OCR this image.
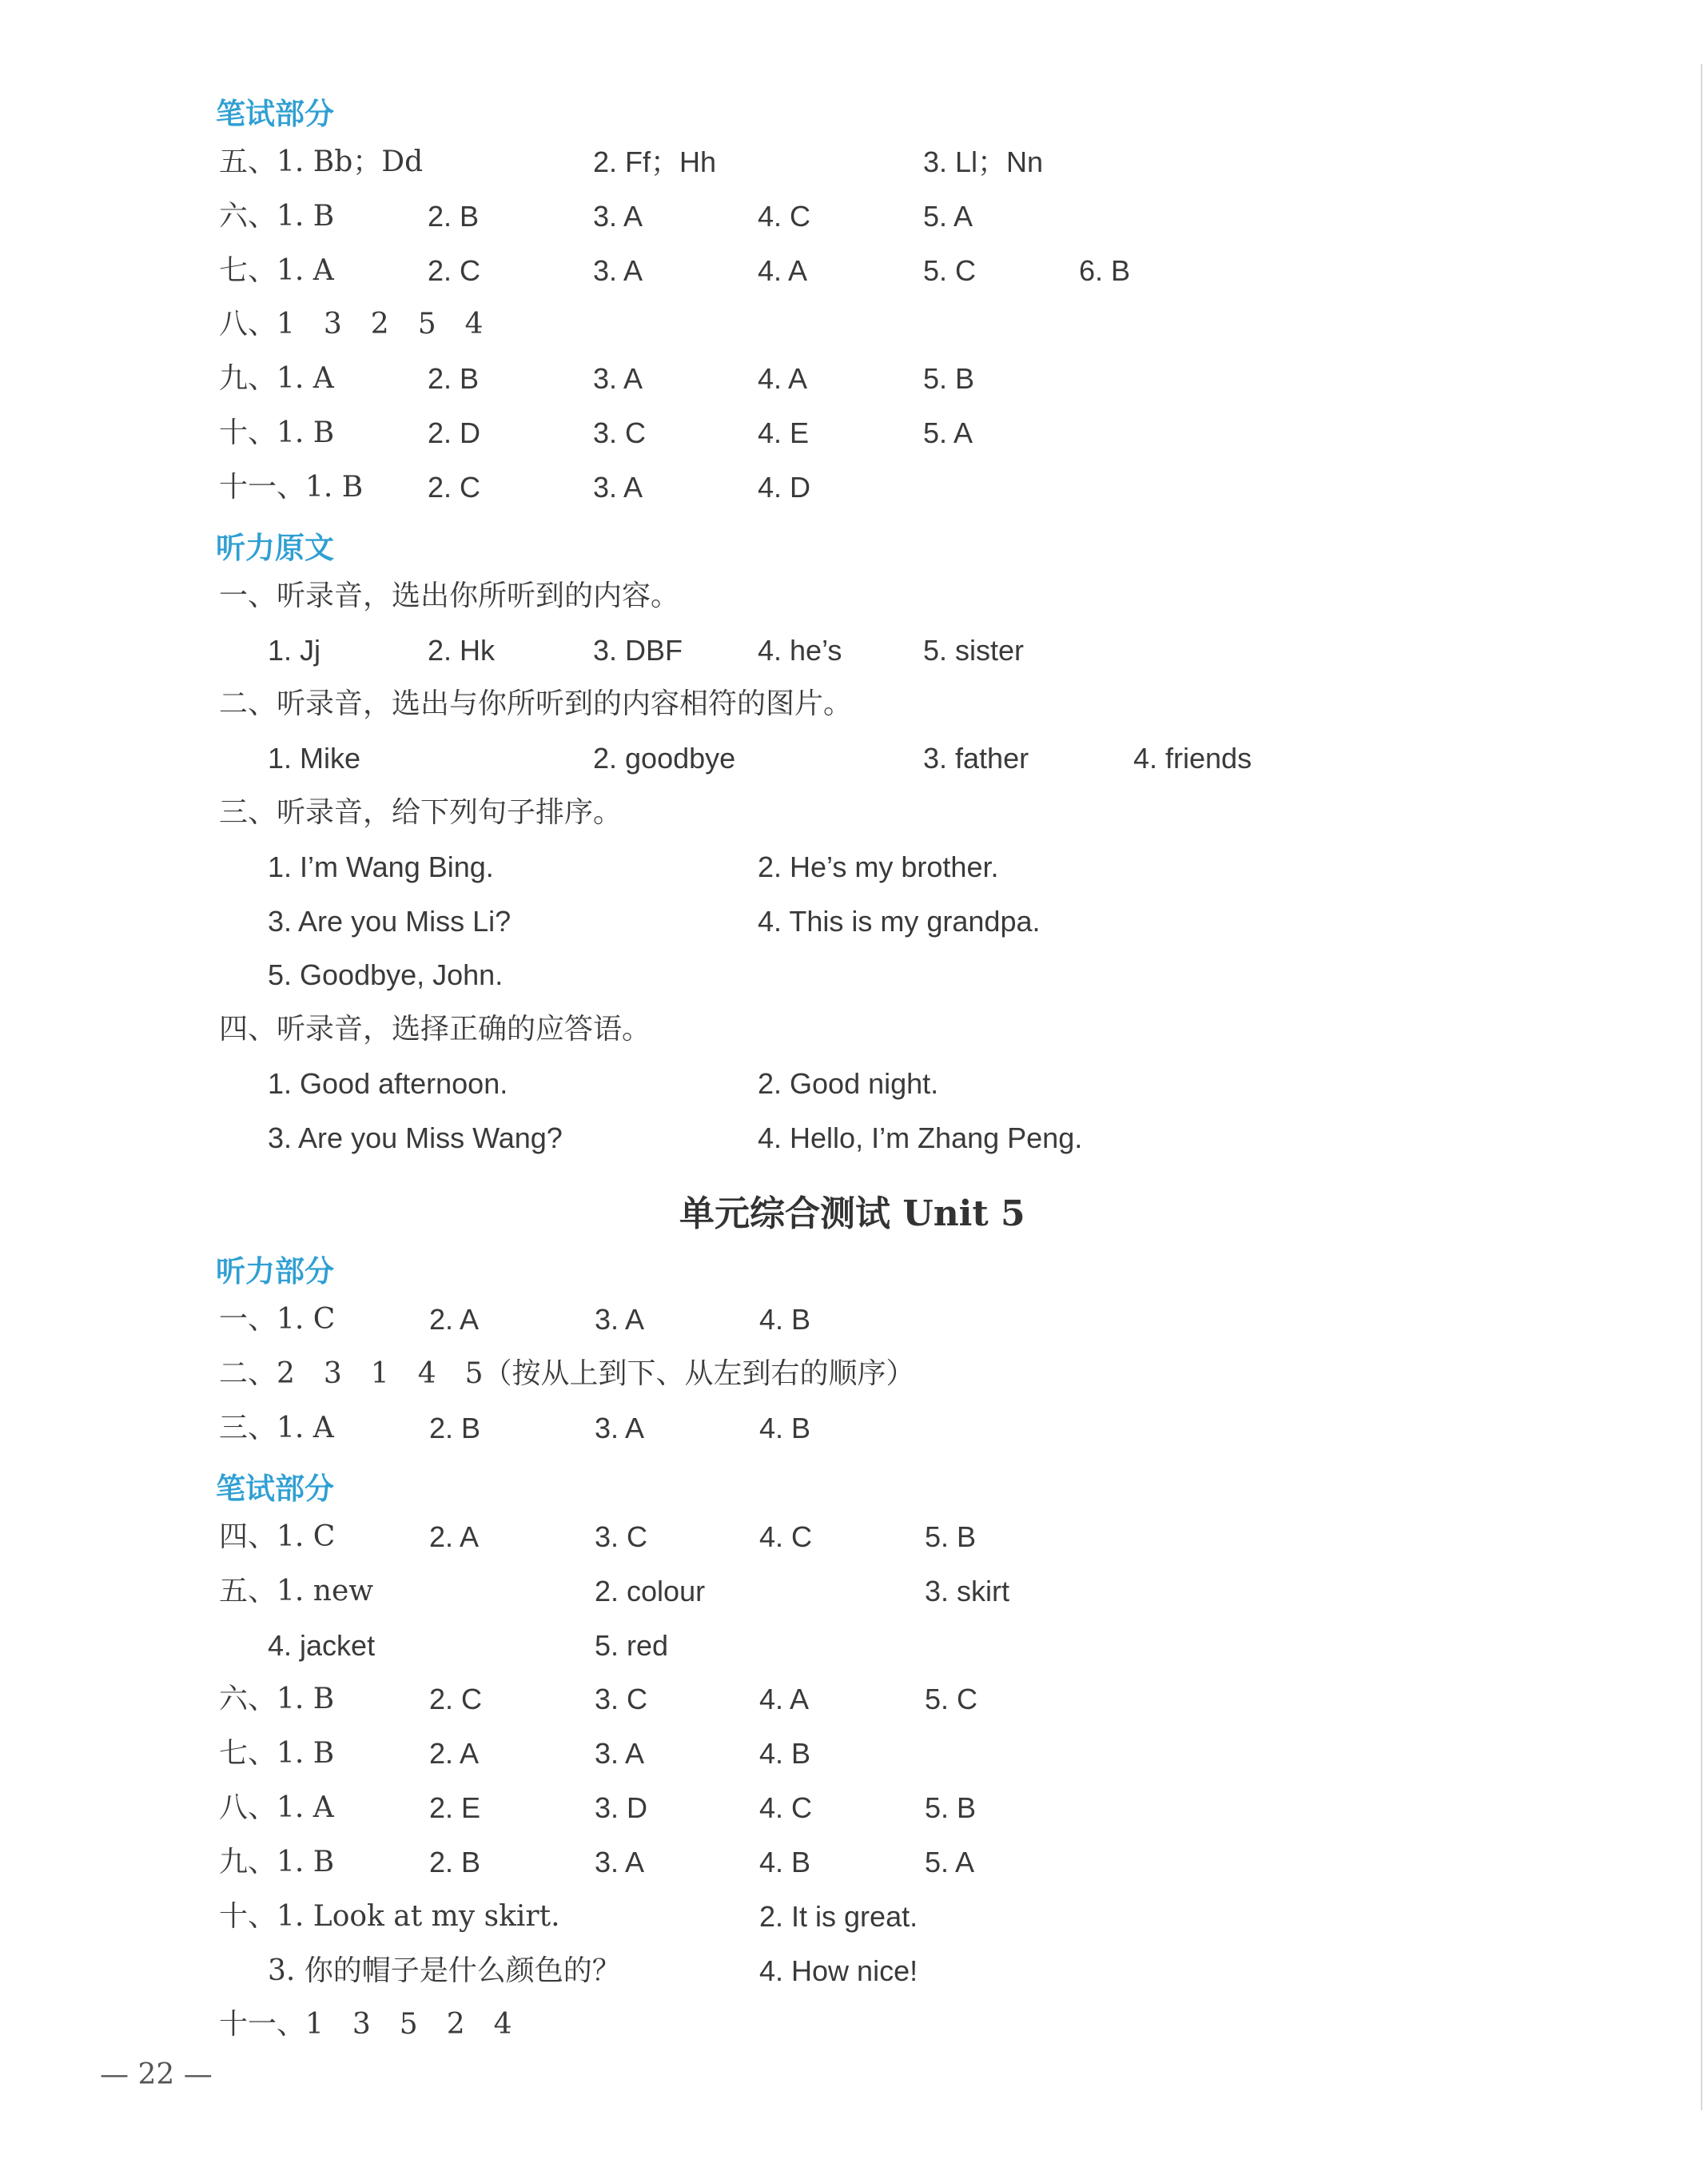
笔试部分
五、1. Bb；Dd	2. Ff；Hh	3. Ll；Nn
六、1. B	2. B	3. A	4. C	5. A
七、1. A	2. C	3. A	4. A	5. C	6. B
八、1　3　2　5　4
九、1. A	2. B	3. A	4. A	5. B
十、1. B	2. D	3. C	4. E	5. A
十一、1. B 2. C	3. A	4. D
听力原文
一、听录音，选出你所听到的内容。
1. Jj	2. Hk	3. DBF	4. he’s	5. sister
二、听录音，选出与你所听到的内容相符的图片。
1. Mike	2. goodbye	3. father	4. friends
三、听录音，给下列句子排序。
1. I’m Wang Bing.	2. He’s my brother.
3. Are you Miss Li?	4. This is my grandpa.
5. Goodbye, John.
四、听录音，选择正确的应答语。
1. Good afternoon.	2. Good night.
3. Are you Miss Wang?	4. Hello, I’m Zhang Peng.
单元综合测试 Unit 5
听力部分
一、1. C	2. A	3. A	4. B
二、2　3　1　4　5（按从上到下、从左到右的顺序）
三、1. A	2. B	3. A	4. B
笔试部分
四、1. C	2. A	3. C	4. C	5. B
五、1. new	2. colour	3. skirt
4. jacket	5. red
六、1. B	2. C	3. C	4. A	5. C
七、1. B	2. A	3. A	4. B
八、1. A	2. E	3. D	4. C	5. B
九、1. B	2. B	3. A	4. B	5. A
十、1. Look at my skirt.	2. It is great.
3. 你的帽子是什么颜色的？	4. How nice!
十一、1　3　5　2　4
— 22 —
